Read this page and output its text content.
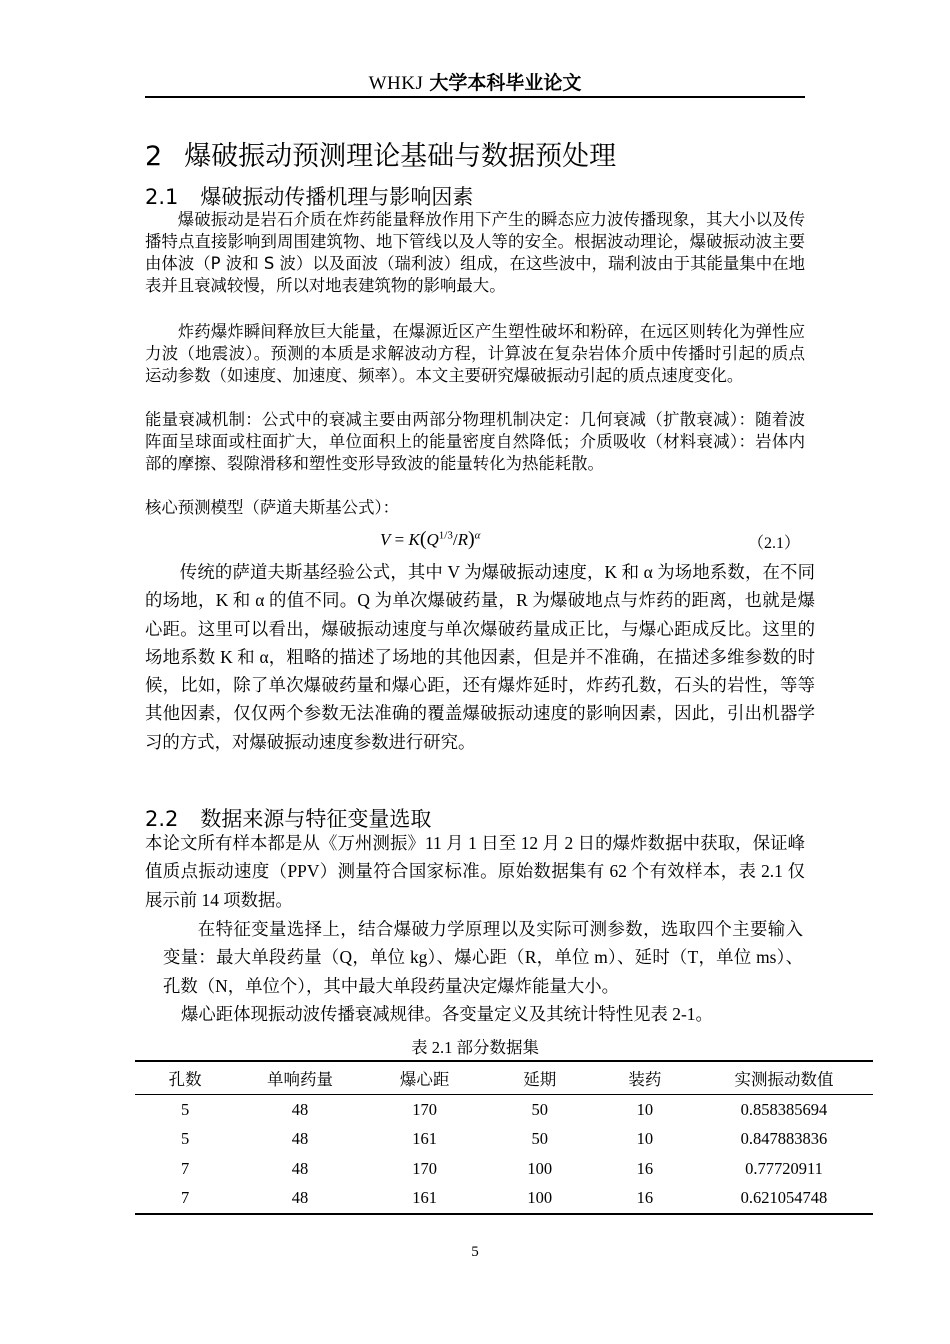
WHKJ 大学本科毕业论文
2 爆破振动预测理论基础与数据预处理
2.1 爆破振动传播机理与影响因素
爆破振动是岩石介质在炸药能量释放作用下产生的瞬态应力波传播现象，其大小以及传播特点直接影响到周围建筑物、地下管线以及人等的安全。根据波动理论，爆破振动波主要由体波（P 波和 S 波）以及面波（瑞利波）组成，在这些波中，瑞利波由于其能量集中在地表并且衰减较慢，所以对地表建筑物的影响最大。
炸药爆炸瞬间释放巨大能量，在爆源近区产生塑性破坏和粉碎，在远区则转化为弹性应力波（地震波）。预测的本质是求解波动方程，计算波在复杂岩体介质中传播时引起的质点运动参数（如速度、加速度、频率）。本文主要研究爆破振动引起的质点速度变化。
能量衰减机制：公式中的衰减主要由两部分物理机制决定：几何衰减（扩散衰减）：随着波阵面呈球面或柱面扩大，单位面积上的能量密度自然降低；介质吸收（材料衰减）：岩体内部的摩擦、裂隙滑移和塑性变形导致波的能量转化为热能耗散。
核心预测模型（萨道夫斯基公式）：
$V = K(Q^{1/3}/R)^\alpha$	（2.1）
传统的萨道夫斯基经验公式，其中 V 为爆破振动速度，K 和 α 为场地系数，在不同的场地，K 和 α 的值不同。Q 为单次爆破药量，R 为爆破地点与炸药的距离，也就是爆心距。这里可以看出，爆破振动速度与单次爆破药量成正比，与爆心距成反比。这里的场地系数 K 和 α，粗略的描述了场地的其他因素，但是并不准确，在描述多维参数的时候，比如，除了单次爆破药量和爆心距，还有爆炸延时，炸药孔数，石头的岩性，等等其他因素，仅仅两个参数无法准确的覆盖爆破振动速度的影响因素，因此，引出机器学习的方式，对爆破振动速度参数进行研究。
2.2 数据来源与特征变量选取
本论文所有样本都是从《万州测振》11 月 1 日至 12 月 2 日的爆炸数据中获取，保证峰值质点振动速度（PPV）测量符合国家标准。原始数据集有 62 个有效样本，表 2.1 仅展示前 14 项数据。
在特征变量选择上，结合爆破力学原理以及实际可测参数，选取四个主要输入变量：最大单段药量（Q，单位 kg）、爆心距（R，单位 m）、延时（T，单位 ms）、孔数（N，单位个），其中最大单段药量决定爆炸能量大小。
爆心距体现振动波传播衰减规律。各变量定义及其统计特性见表 2-1。
表 2.1 部分数据集
孔数	单响药量	爆心距	延期	装药	实测振动数值
5	48	170	50	10	0.858385694
5	48	161	50	10	0.847883836
7	48	170	100	16	0.77720911
7	48	161	100	16	0.621054748
5
